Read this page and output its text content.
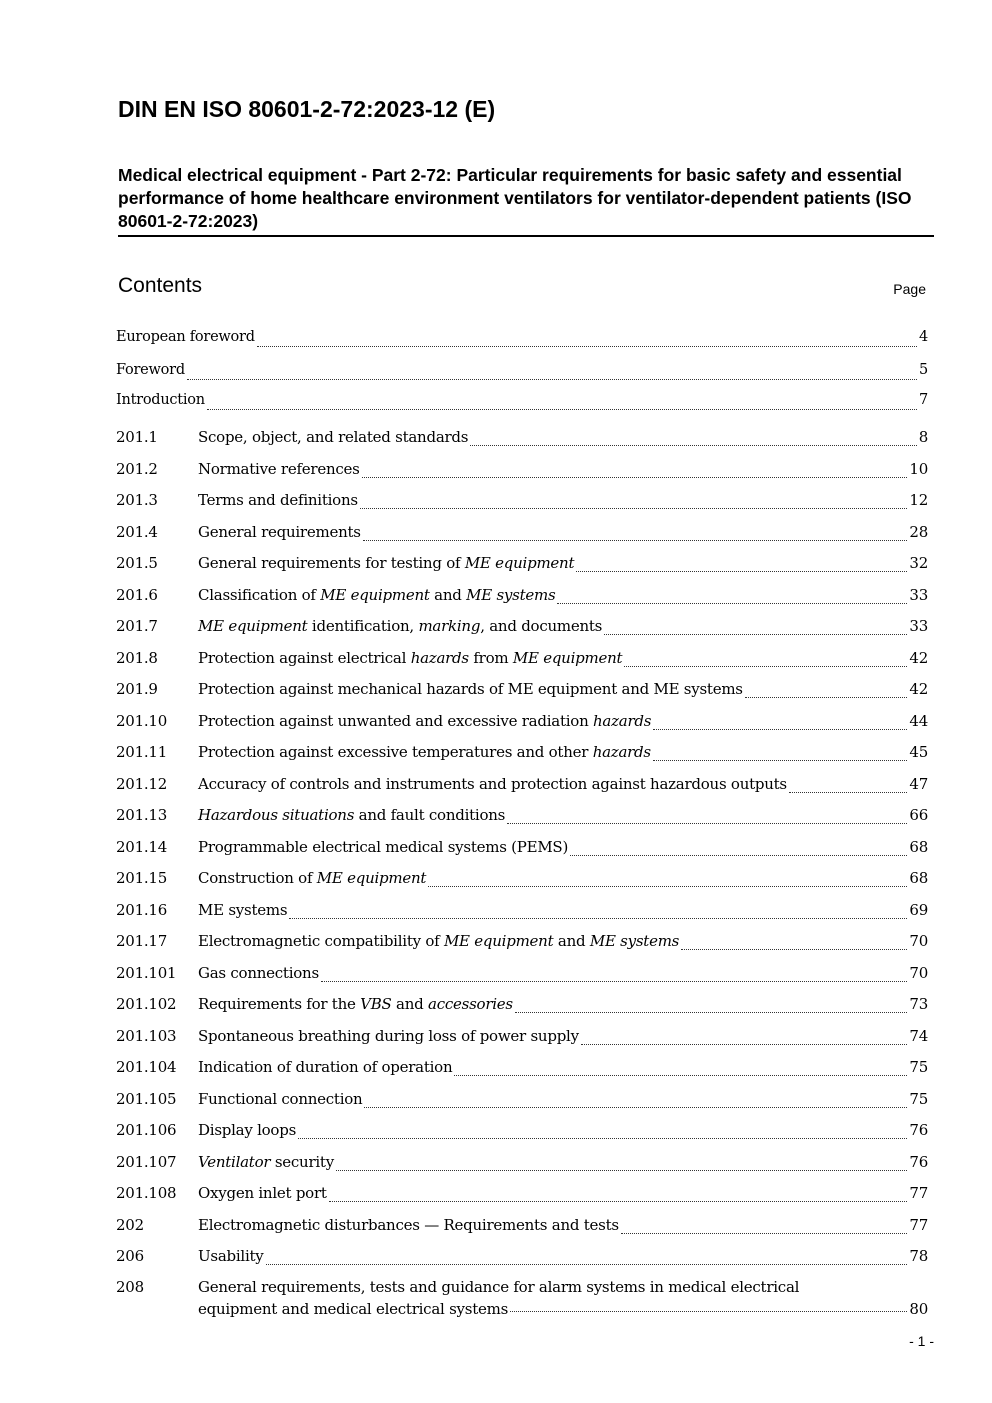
DIN EN ISO 80601-2-72:2023-12 (E)
Medical electrical equipment - Part 2-72: Particular requirements for basic safety and essential performance of home healthcare environment ventilators for ventilator-dependent patients (ISO 80601-2-72:2023)
Contents	Page
European foreword	4
Foreword	5
Introduction	7
201.1	Scope, object, and related standards	8
201.2	Normative references	10
201.3	Terms and definitions	12
201.4	General requirements	28
201.5	General requirements for testing of ME equipment	32
201.6	Classification of ME equipment and ME systems	33
201.7	ME equipment identification, marking, and documents	33
201.8	Protection against electrical hazards from ME equipment	42
201.9	Protection against mechanical hazards of ME equipment and ME systems	42
201.10	Protection against unwanted and excessive radiation hazards	44
201.11	Protection against excessive temperatures and other hazards	45
201.12	Accuracy of controls and instruments and protection against hazardous outputs	47
201.13	Hazardous situations and fault conditions	66
201.14	Programmable electrical medical systems (PEMS)	68
201.15	Construction of ME equipment	68
201.16	ME systems	69
201.17	Electromagnetic compatibility of ME equipment and ME systems	70
201.101	Gas connections	70
201.102	Requirements for the VBS and accessories	73
201.103	Spontaneous breathing during loss of power supply	74
201.104	Indication of duration of operation	75
201.105	Functional connection	75
201.106	Display loops	76
201.107	Ventilator security	76
201.108	Oxygen inlet port	77
202	Electromagnetic disturbances — Requirements and tests	77
206	Usability	78
208	General requirements, tests and guidance for alarm systems in medical electrical
equipment and medical electrical systems	80
- 1 -
